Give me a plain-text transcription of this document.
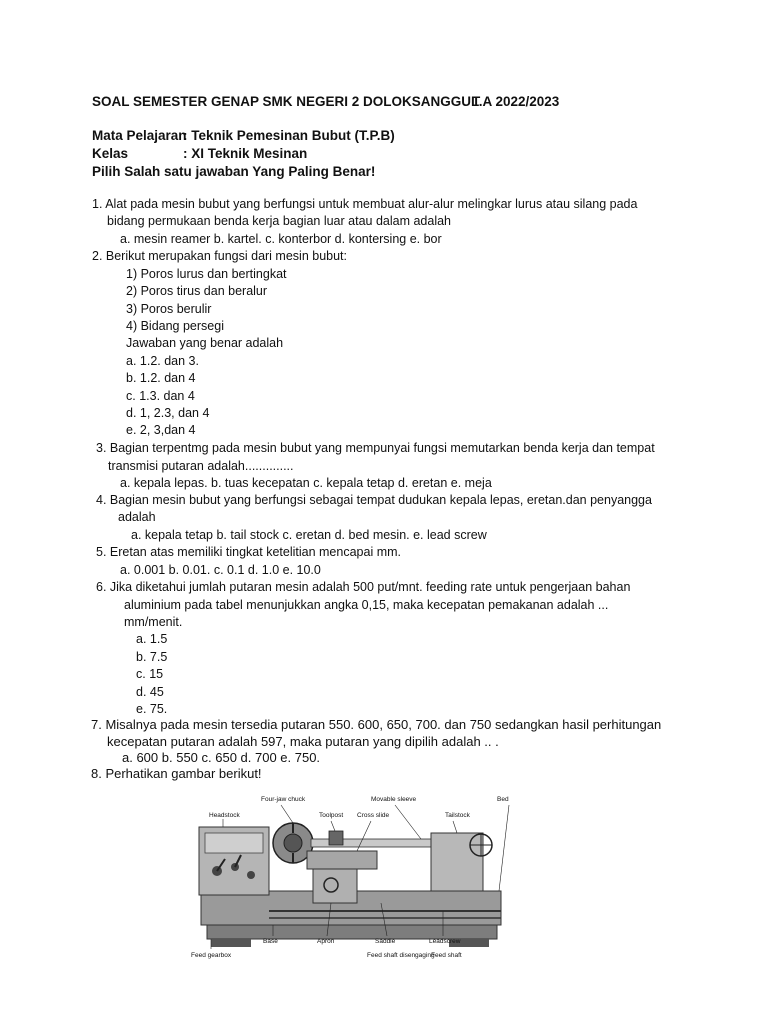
SOAL SEMESTER GENAP SMK NEGERI 2 DOLOKSANGGUL
T.A 2022/2023
Mata Pelajaran
: Teknik Pemesinan Bubut (T.P.B)
Kelas	: XI Teknik Mesinan
Pilih Salah satu jawaban Yang Paling Benar!
1. Alat pada mesin bubut yang berfungsi untuk membuat alur-alur melingkar lurus atau silang pada
bidang permukaan benda kerja bagian luar atau dalam adalah
a. mesin reamer b. kartel. c. konterbor d. kontersing e. bor
2. Berikut merupakan fungsi dari mesin bubut:
1) Poros lurus dan bertingkat
2) Poros tirus dan beralur
3) Poros berulir
4) Bidang persegi
Jawaban yang benar adalah
a. 1.2. dan 3.
b. 1.2. dan 4
c. 1.3. dan 4
d. 1, 2.3, dan 4
e. 2, 3,dan 4
3. Bagian terpentmg pada mesin bubut yang mempunyai fungsi memutarkan benda kerja dan tempat
transmisi putaran adalah..............
a. kepala lepas. b. tuas kecepatan c. kepala tetap d. eretan e. meja
4. Bagian mesin bubut yang berfungsi sebagai tempat dudukan kepala lepas, eretan.dan penyangga
adalah
a. kepala tetap b. tail stock c. eretan d. bed mesin. e. lead screw
5. Eretan atas memiliki tingkat ketelitian mencapai mm.
a. 0.001 b. 0.01. c. 0.1 d. 1.0 e. 10.0
6. Jika diketahui jumlah putaran mesin adalah 500 put/mnt. feeding rate untuk pengerjaan bahan
aluminium pada tabel menunjukkan angka 0,15, maka kecepatan pemakanan adalah ...
mm/menit.
a. 1.5
b. 7.5
c. 15
d. 45
e. 75.
7. Misalnya pada mesin tersedia putaran 550. 600, 650, 700. dan 750 sedangkan hasil perhitungan
kecepatan putaran adalah 597, maka putaran yang dipilih adalah .. .
a. 600 b. 550 c. 650 d. 700 e. 750.
8. Perhatikan gambar berikut!
Four-jaw chuck	Movable sleeve	Bed
Headstock	Toolpost Cross slide	Tailstock
Base	Apron	Saddle	Leadscrew
Feed gearbox	Feed shaft disengaging
Feed shaft
